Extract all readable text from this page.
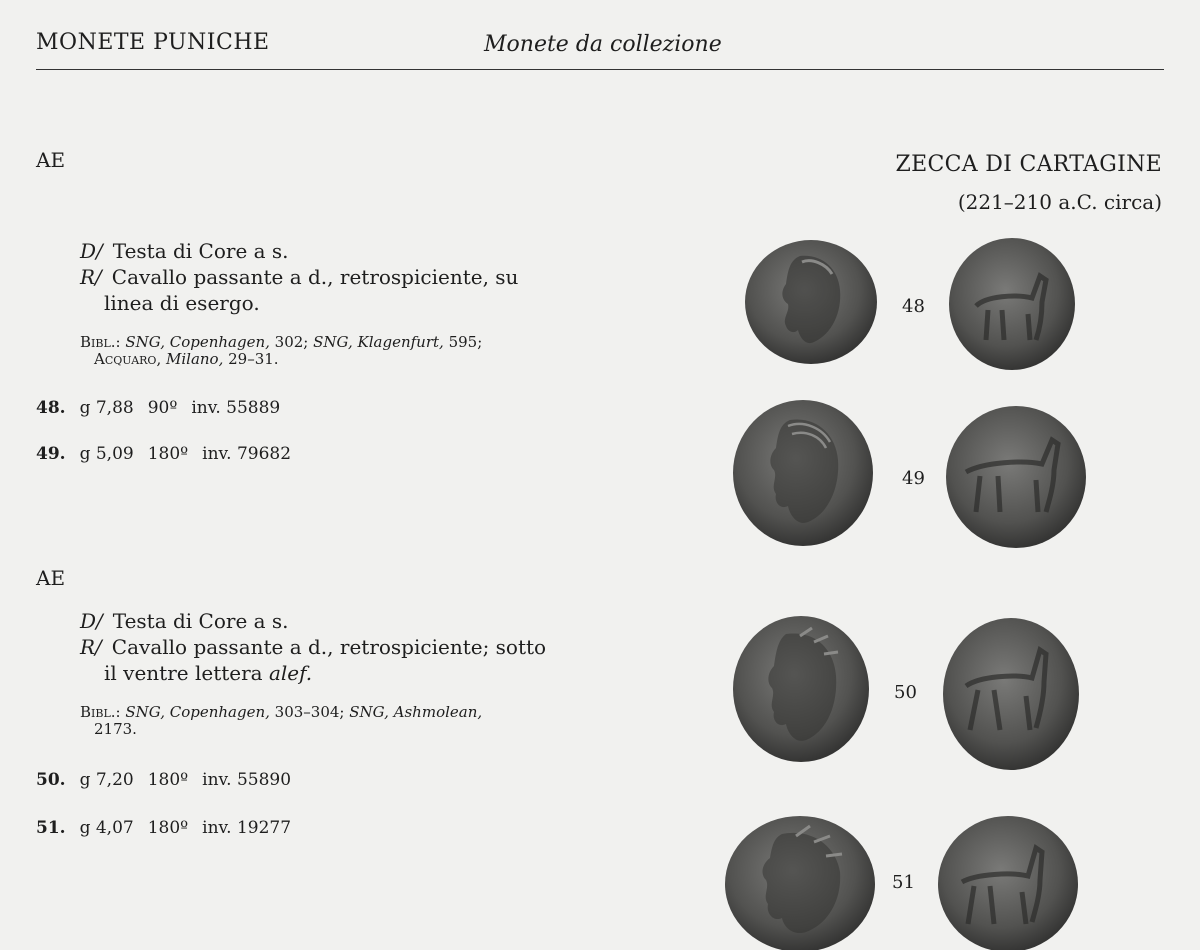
MONETE PUNICHE	Monete da collezione
ZECCA DI CARTAGINE
(221–210 a.C. circa)
AE

D/ Testa di Core a s.

R/ Cavallo passante a d., retrospiciente, su

linea di esergo.

Bibl.: SNG, Copenhagen, 302; SNG, Klagenfurt, 595;
Acquaro, Milano, 29–31.
48. g 7,88 90º inv. 55889
49. g 5,09 180º inv. 79682
AE

D/ Testa di Core a s.

R/ Cavallo passante a d., retrospiciente; sotto

il ventre lettera alef.

Bibl.: SNG, Copenhagen, 303–304; SNG, Ashmolean,
2173.
50. g 7,20 180º inv. 55890
51. g 4,07 180º inv. 19277
48
49
50
51
